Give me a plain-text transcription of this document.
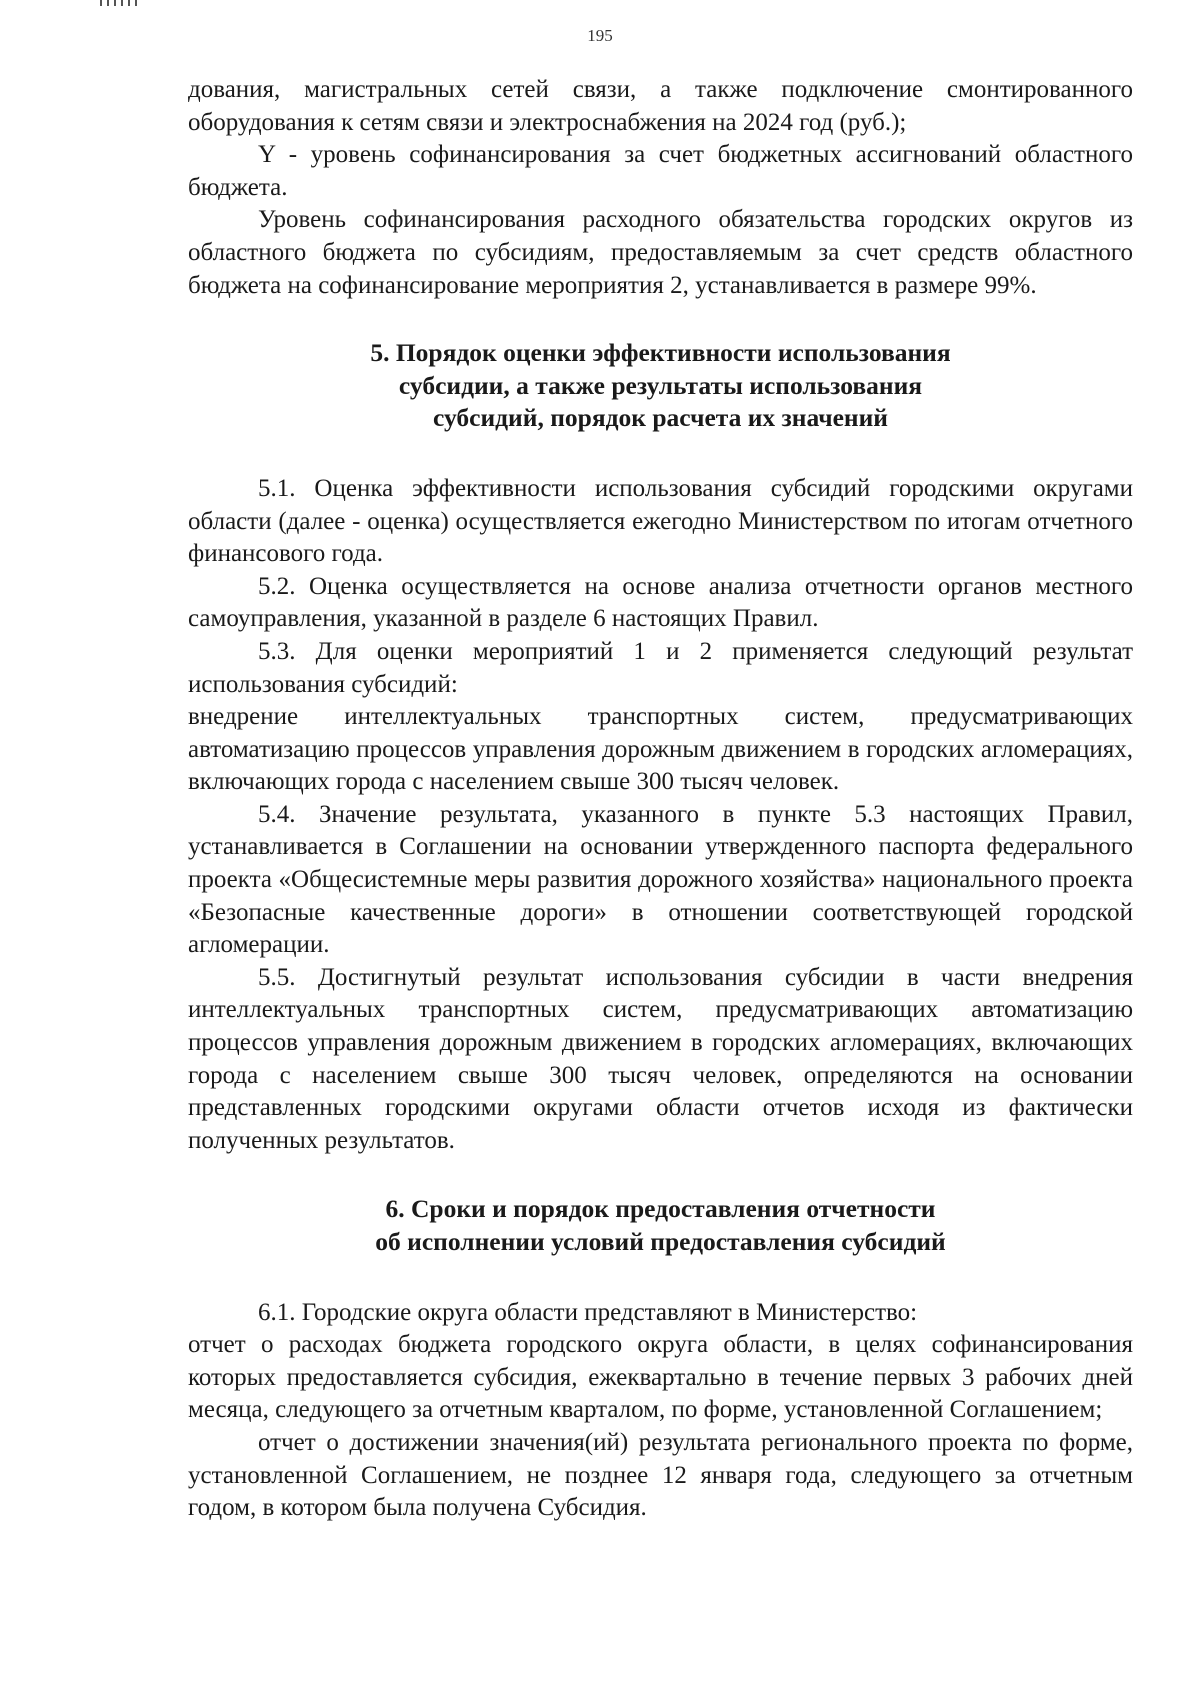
195

дования, магистральных сетей связи, а также подключение смонтированного оборудования к сетям связи и электроснабжения на 2024 год (руб.);

Y - уровень софинансирования за счет бюджетных ассигнований областного бюджета.

Уровень софинансирования расходного обязательства городских округов из областного бюджета по субсидиям, предоставляемым за счет средств областного бюджета на софинансирование мероприятия 2, устанавливается в размере 99%.

5. Порядок оценки эффективности использования
субсидии, а также результаты использования
субсидий, порядок расчета их значений

5.1. Оценка эффективности использования субсидий городскими округами области (далее - оценка) осуществляется ежегодно Министерством по итогам отчетного финансового года.

5.2. Оценка осуществляется на основе анализа отчетности органов местного самоуправления, указанной в разделе 6 настоящих Правил.

5.3. Для оценки мероприятий 1 и 2 применяется следующий результат использования субсидий:

внедрение интеллектуальных транспортных систем, предусматривающих автоматизацию процессов управления дорожным движением в городских агломерациях, включающих города с населением свыше 300 тысяч человек.

5.4. Значение результата, указанного в пункте 5.3 настоящих Правил, устанавливается в Соглашении на основании утвержденного паспорта федерального проекта «Общесистемные меры развития дорожного хозяйства» национального проекта «Безопасные качественные дороги» в отношении соответствующей городской агломерации.

5.5. Достигнутый результат использования субсидии в части внедрения интеллектуальных транспортных систем, предусматривающих автоматизацию процессов управления дорожным движением в городских агломерациях, включающих города с населением свыше 300 тысяч человек, определяются на основании представленных городскими округами области отчетов исходя из фактически полученных результатов.

6. Сроки и порядок предоставления отчетности
об исполнении условий предоставления субсидий

6.1. Городские округа области представляют в Министерство:

отчет о расходах бюджета городского округа области, в целях софинансирования которых предоставляется субсидия, ежеквартально в течение первых 3 рабочих дней месяца, следующего за отчетным кварталом, по форме, установленной Соглашением;

отчет о достижении значения(ий) результата регионального проекта по форме, установленной Соглашением, не позднее 12 января года, следующего за отчетным годом, в котором была получена Субсидия.
